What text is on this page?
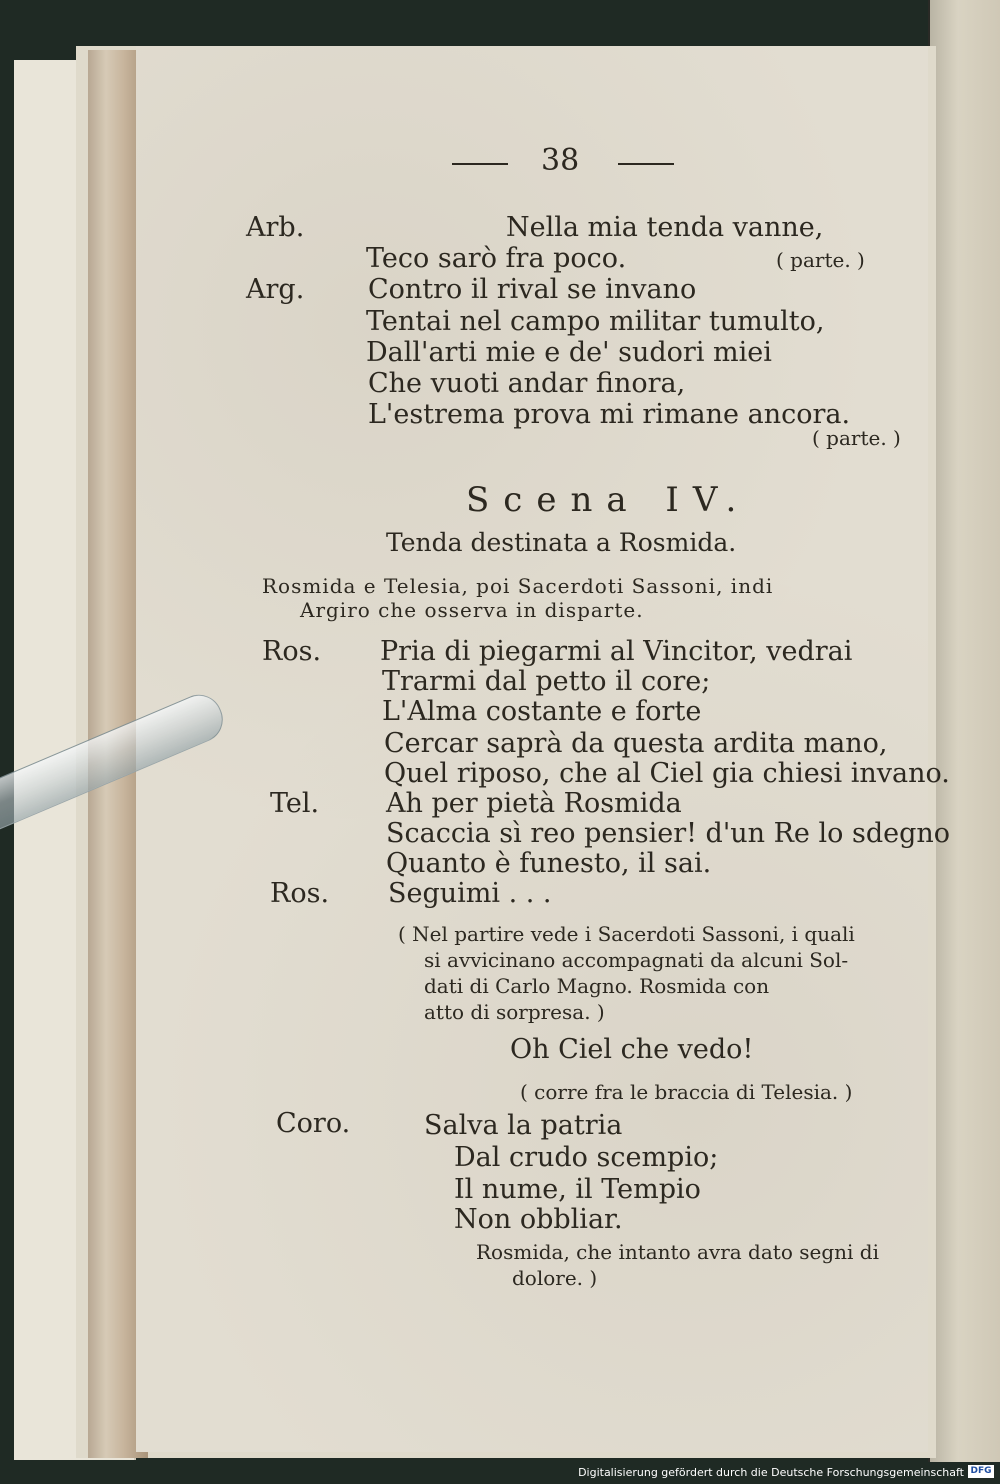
38
Arb.	Nella mia tenda vanne,
Teco sarò fra poco.	( parte. )
Arg. Contro il rival se invano
Tentai nel campo militar tumulto,
Dall'arti mie e de' sudori miei
Che vuoti andar finora,
L'estrema prova mi rimane ancora.
( parte. )
Scena IV.
Tenda destinata a Rosmida.
Rosmida e Telesia, poi Sacerdoti Sassoni, indi
Argiro che osserva in disparte.
Ros. Pria di piegarmi al Vincitor, vedrai
Trarmi dal petto il core;
L'Alma costante e forte
Cercar saprà da questa ardita mano,
Quel riposo, che al Ciel gia chiesi invano.
Tel. Ah per pietà Rosmida
Scaccia sì reo pensier! d'un Re lo sdegno
Quanto è funesto, il sai.
Ros. Seguimi . . .
( Nel partire vede i Sacerdoti Sassoni, i quali
si avvicinano accompagnati da alcuni Sol-
dati di Carlo Magno. Rosmida con
atto di sorpresa. )
Oh Ciel che vedo!
( corre fra le braccia di Telesia. )
Coro.	Salva la patria
Dal crudo scempio;
Il nume, il Tempio
Non obbliar.
Rosmida, che intanto avra dato segni di
dolore. )
Digitalisierung gefördert durch die Deutsche Forschungsgemeinschaft DFG
